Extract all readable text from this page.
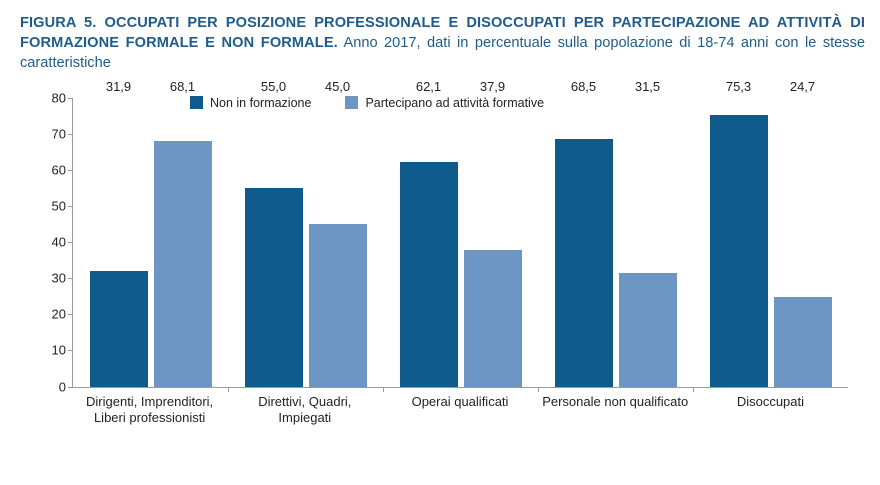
FIGURA 5. OCCUPATI PER POSIZIONE PROFESSIONALE E DISOCCUPATI PER PARTECIPAZIONE AD ATTIVITÀ DI FORMAZIONE FORMALE E NON FORMALE. Anno 2017, dati in percentuale sulla popolazione di 18-74 anni con le stesse caratteristiche
Non in formazione	Partecipano ad attività formative
0
10
20
30
40
50
60
70
80
31,9	68,1	55,0	45,0	62,1	37,9	68,5	31,5	75,3	24,7
Dirigenti, Imprenditori,
Liberi professionisti
Direttivi, Quadri, Impiegati
Operai qualificati	Personale non qualificato	Disoccupati
